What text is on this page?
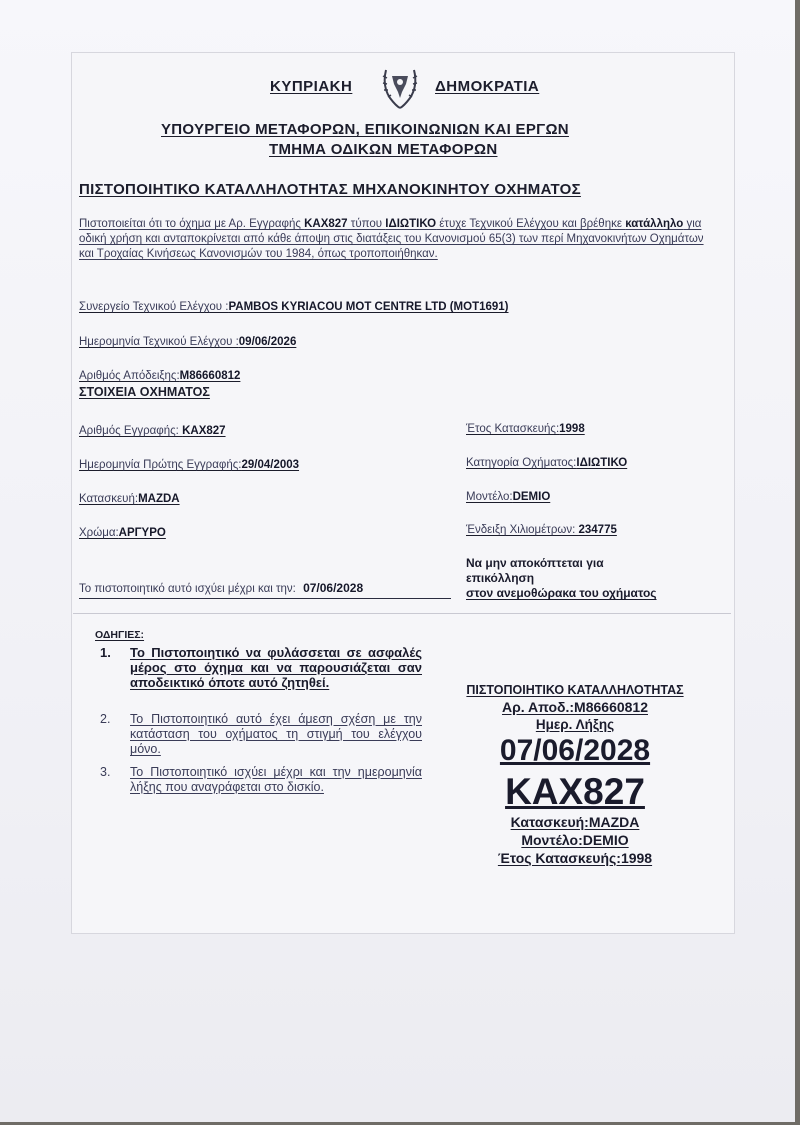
ΚΥΠΡΙΑΚΗ	ΔΗΜΟΚΡΑΤΙΑ
ΥΠΟΥΡΓΕΙΟ ΜΕΤΑΦΟΡΩΝ, ΕΠΙΚΟΙΝΩΝΙΩΝ ΚΑΙ ΕΡΓΩΝ
ΤΜΗΜΑ ΟΔΙΚΩΝ ΜΕΤΑΦΟΡΩΝ
ΠΙΣΤΟΠΟΙΗΤΙΚΟ ΚΑΤΑΛΛΗΛΟΤΗΤΑΣ ΜΗΧΑΝΟΚΙΝΗΤΟΥ ΟΧΗΜΑΤΟΣ
Πιστοποιείται ότι το όχημα με Αρ. Εγγραφής ΚΑΧ827 τύπου ΙΔΙΩΤΙΚΟ έτυχε Τεχνικού Ελέγχου και βρέθηκε κατάλληλο για οδική χρήση και ανταποκρίνεται από κάθε άποψη στις διατάξεις του Κανονισμού 65(3) των περί Μηχανοκινήτων Οχημάτων και Τροχαίας Κινήσεως Κανονισμών του 1984, όπως τροποποιήθηκαν.
Συνεργείο Τεχνικού Ελέγχου :PAMBOS KYRIACOU MOT CENTRE LTD (MOT1691)
Ημερομηνία Τεχνικού Ελέγχου :09/06/2026
Αριθμός Απόδειξης:M86660812
ΣΤΟΙΧΕΙΑ ΟΧΗΜΑΤΟΣ
Αριθμός Εγγραφής: ΚΑΧ827
Ημερομηνία Πρώτης Εγγραφής:29/04/2003
Κατασκευή:MAZDA
Χρώμα:ΑΡΓΥΡΟ
Έτος Κατασκευής:1998
Κατηγορία Οχήματος:ΙΔΙΩΤΙΚΟ
Μοντέλο:DEMIO
Ένδειξη Χιλιομέτρων: 234775
Το πιστοποιητικό αυτό ισχύει μέχρι και την: 07/06/2028
Να μην αποκόπτεται για
επικόλληση
στον ανεμοθώρακα του οχήματος
ΟΔΗΓΙΕΣ:
1. Το Πιστοποιητικό να φυλάσσεται σε ασφαλές μέρος στο όχημα και να παρουσιάζεται σαν αποδεικτικό όποτε αυτό ζητηθεί.
2. Το Πιστοποιητικό αυτό έχει άμεση σχέση με την κατάσταση του οχήματος τη στιγμή του ελέγχου μόνο.
3. Το Πιστοποιητικό ισχύει μέχρι και την ημερομηνία λήξης που αναγράφεται στο δισκίο.
ΠΙΣΤΟΠΟΙΗΤΙΚΟ ΚΑΤΑΛΛΗΛΟΤΗΤΑΣ
Αρ. Αποδ.:M86660812
Ημερ. Λήξης
07/06/2028
ΚΑΧ827
Κατασκευή:MAZDA
Μοντέλο:DEMIO
Έτος Κατασκευής:1998
